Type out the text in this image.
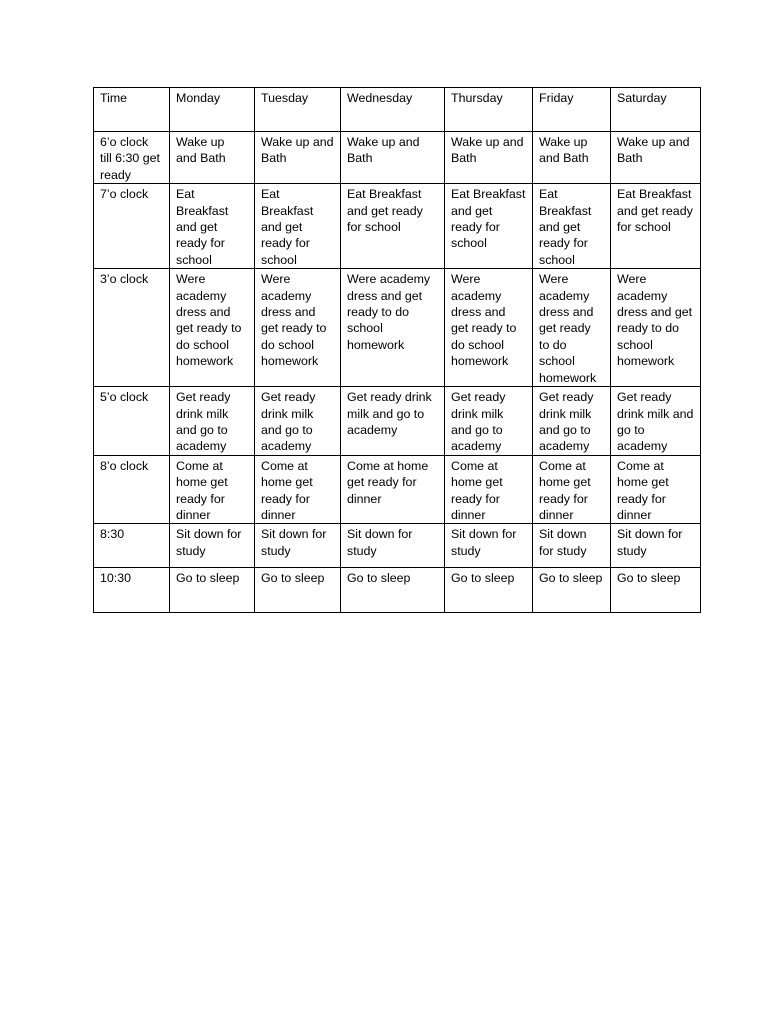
Time	Monday	Tuesday	Wednesday	Thursday	Friday	Saturday
6’o clock till 6:30 get ready	Wake up and Bath	Wake up and Bath	Wake up and Bath	Wake up and Bath	Wake up and Bath	Wake up and Bath
7’o clock	Eat Breakfast and get ready for school	Eat Breakfast and get ready for school	Eat Breakfast and get ready for school	Eat Breakfast and get ready for school	Eat Breakfast and get ready for school	Eat Breakfast and get ready for school
3’o clock	Were academy dress and get ready to do school homework	Were academy dress and get ready to do school homework	Were academy dress and get ready to do school homework	Were academy dress and get ready to do school homework	Were academy dress and get ready to do school homework	Were academy dress and get ready to do school homework
5’o clock	Get ready drink milk and go to academy	Get ready drink milk and go to academy	Get ready drink milk and go to academy	Get ready drink milk and go to academy	Get ready drink milk and go to academy	Get ready drink milk and go to academy
8’o clock	Come at home get ready for dinner	Come at home get ready for dinner	Come at home get ready for dinner	Come at home get ready for dinner	Come at home get ready for dinner	Come at home get ready for dinner
8:30	Sit down for study	Sit down for study	Sit down for study	Sit down for study	Sit down for study	Sit down for study
10:30	Go to sleep	Go to sleep	Go to sleep	Go to sleep	Go to sleep	Go to sleep
